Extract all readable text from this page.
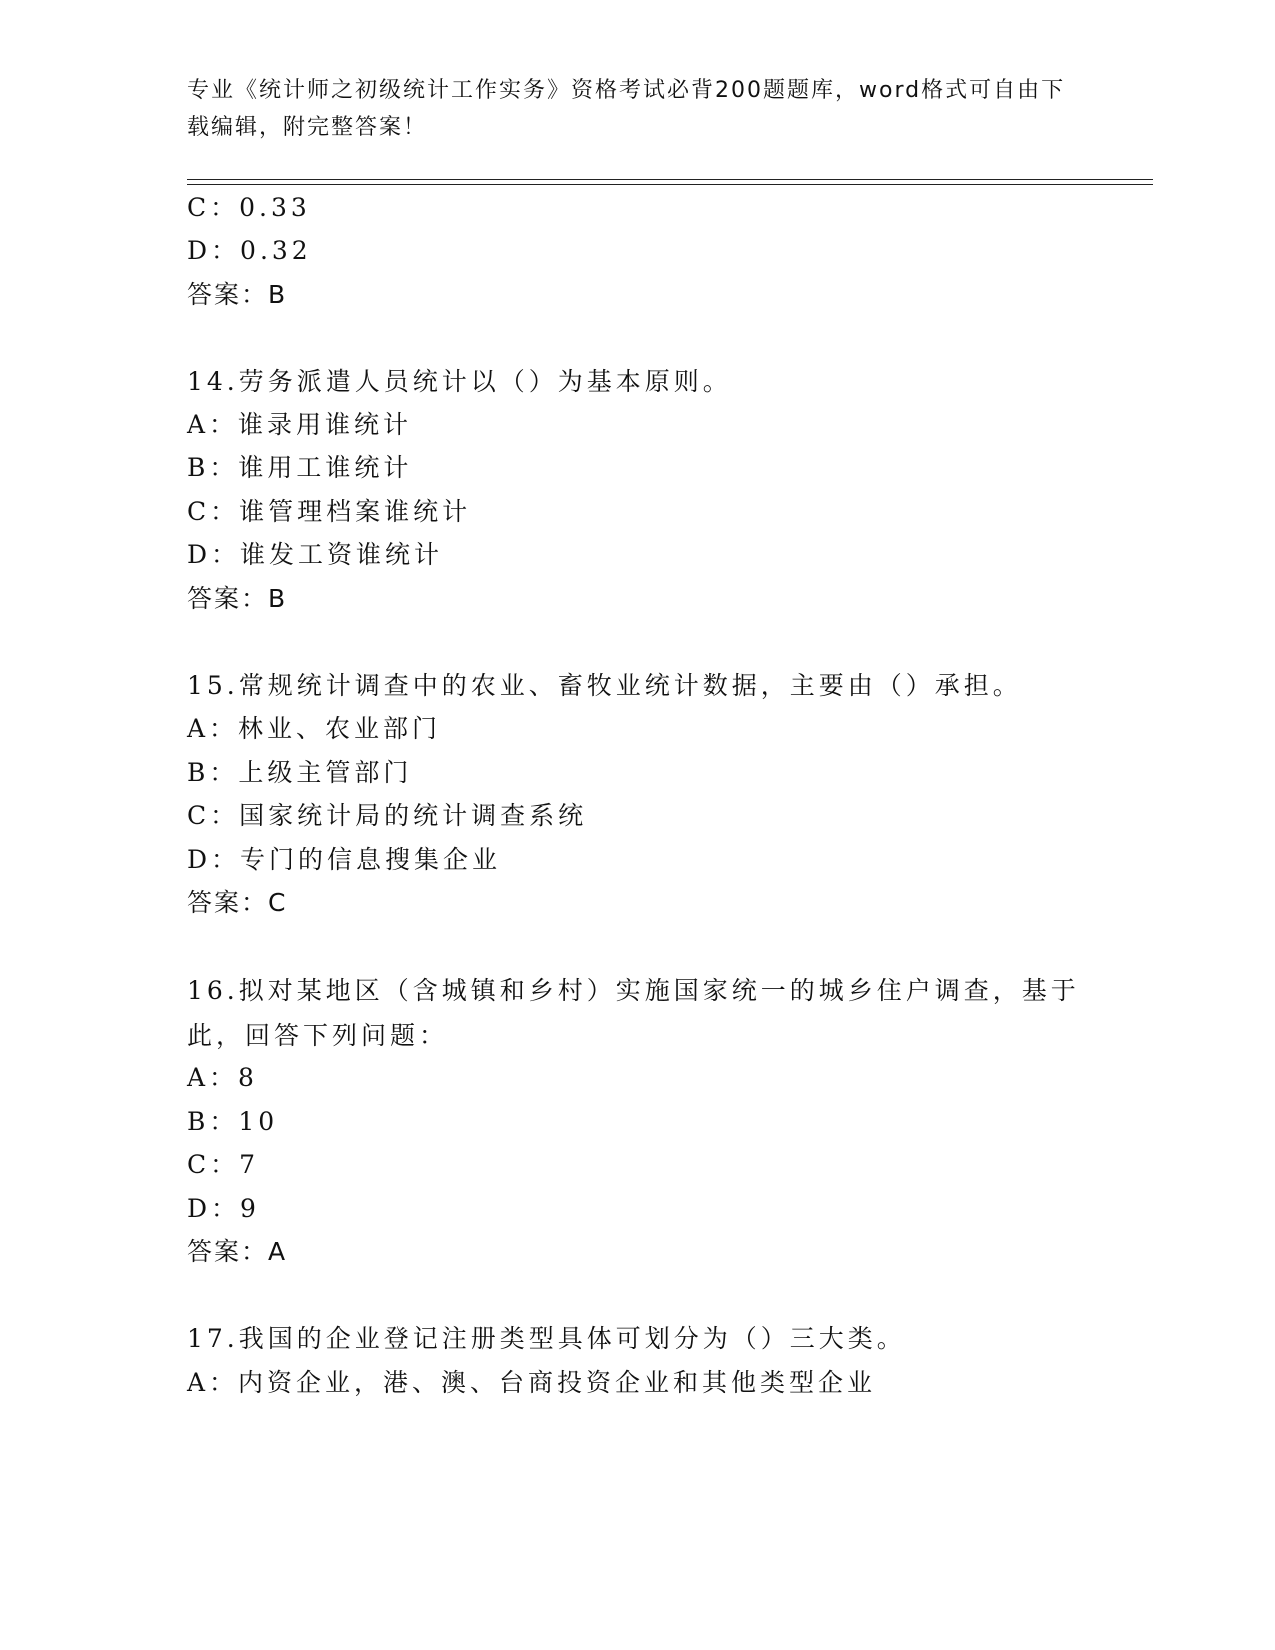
专业《统计师之初级统计工作实务》资格考试必背200题题库，word格式可自由下载编辑，附完整答案！
C：0.33
D：0.32
答案：B
14.劳务派遣人员统计以（）为基本原则。
A：谁录用谁统计
B：谁用工谁统计
C：谁管理档案谁统计
D：谁发工资谁统计
答案：B
15.常规统计调查中的农业、畜牧业统计数据，主要由（）承担。
A：林业、农业部门
B：上级主管部门
C：国家统计局的统计调查系统
D：专门的信息搜集企业
答案：C
16.拟对某地区（含城镇和乡村）实施国家统一的城乡住户调查，基于此，回答下列问题：
A：8
B：10
C：7
D：9
答案：A
17.我国的企业登记注册类型具体可划分为（）三大类。
A：内资企业，港、澳、台商投资企业和其他类型企业
